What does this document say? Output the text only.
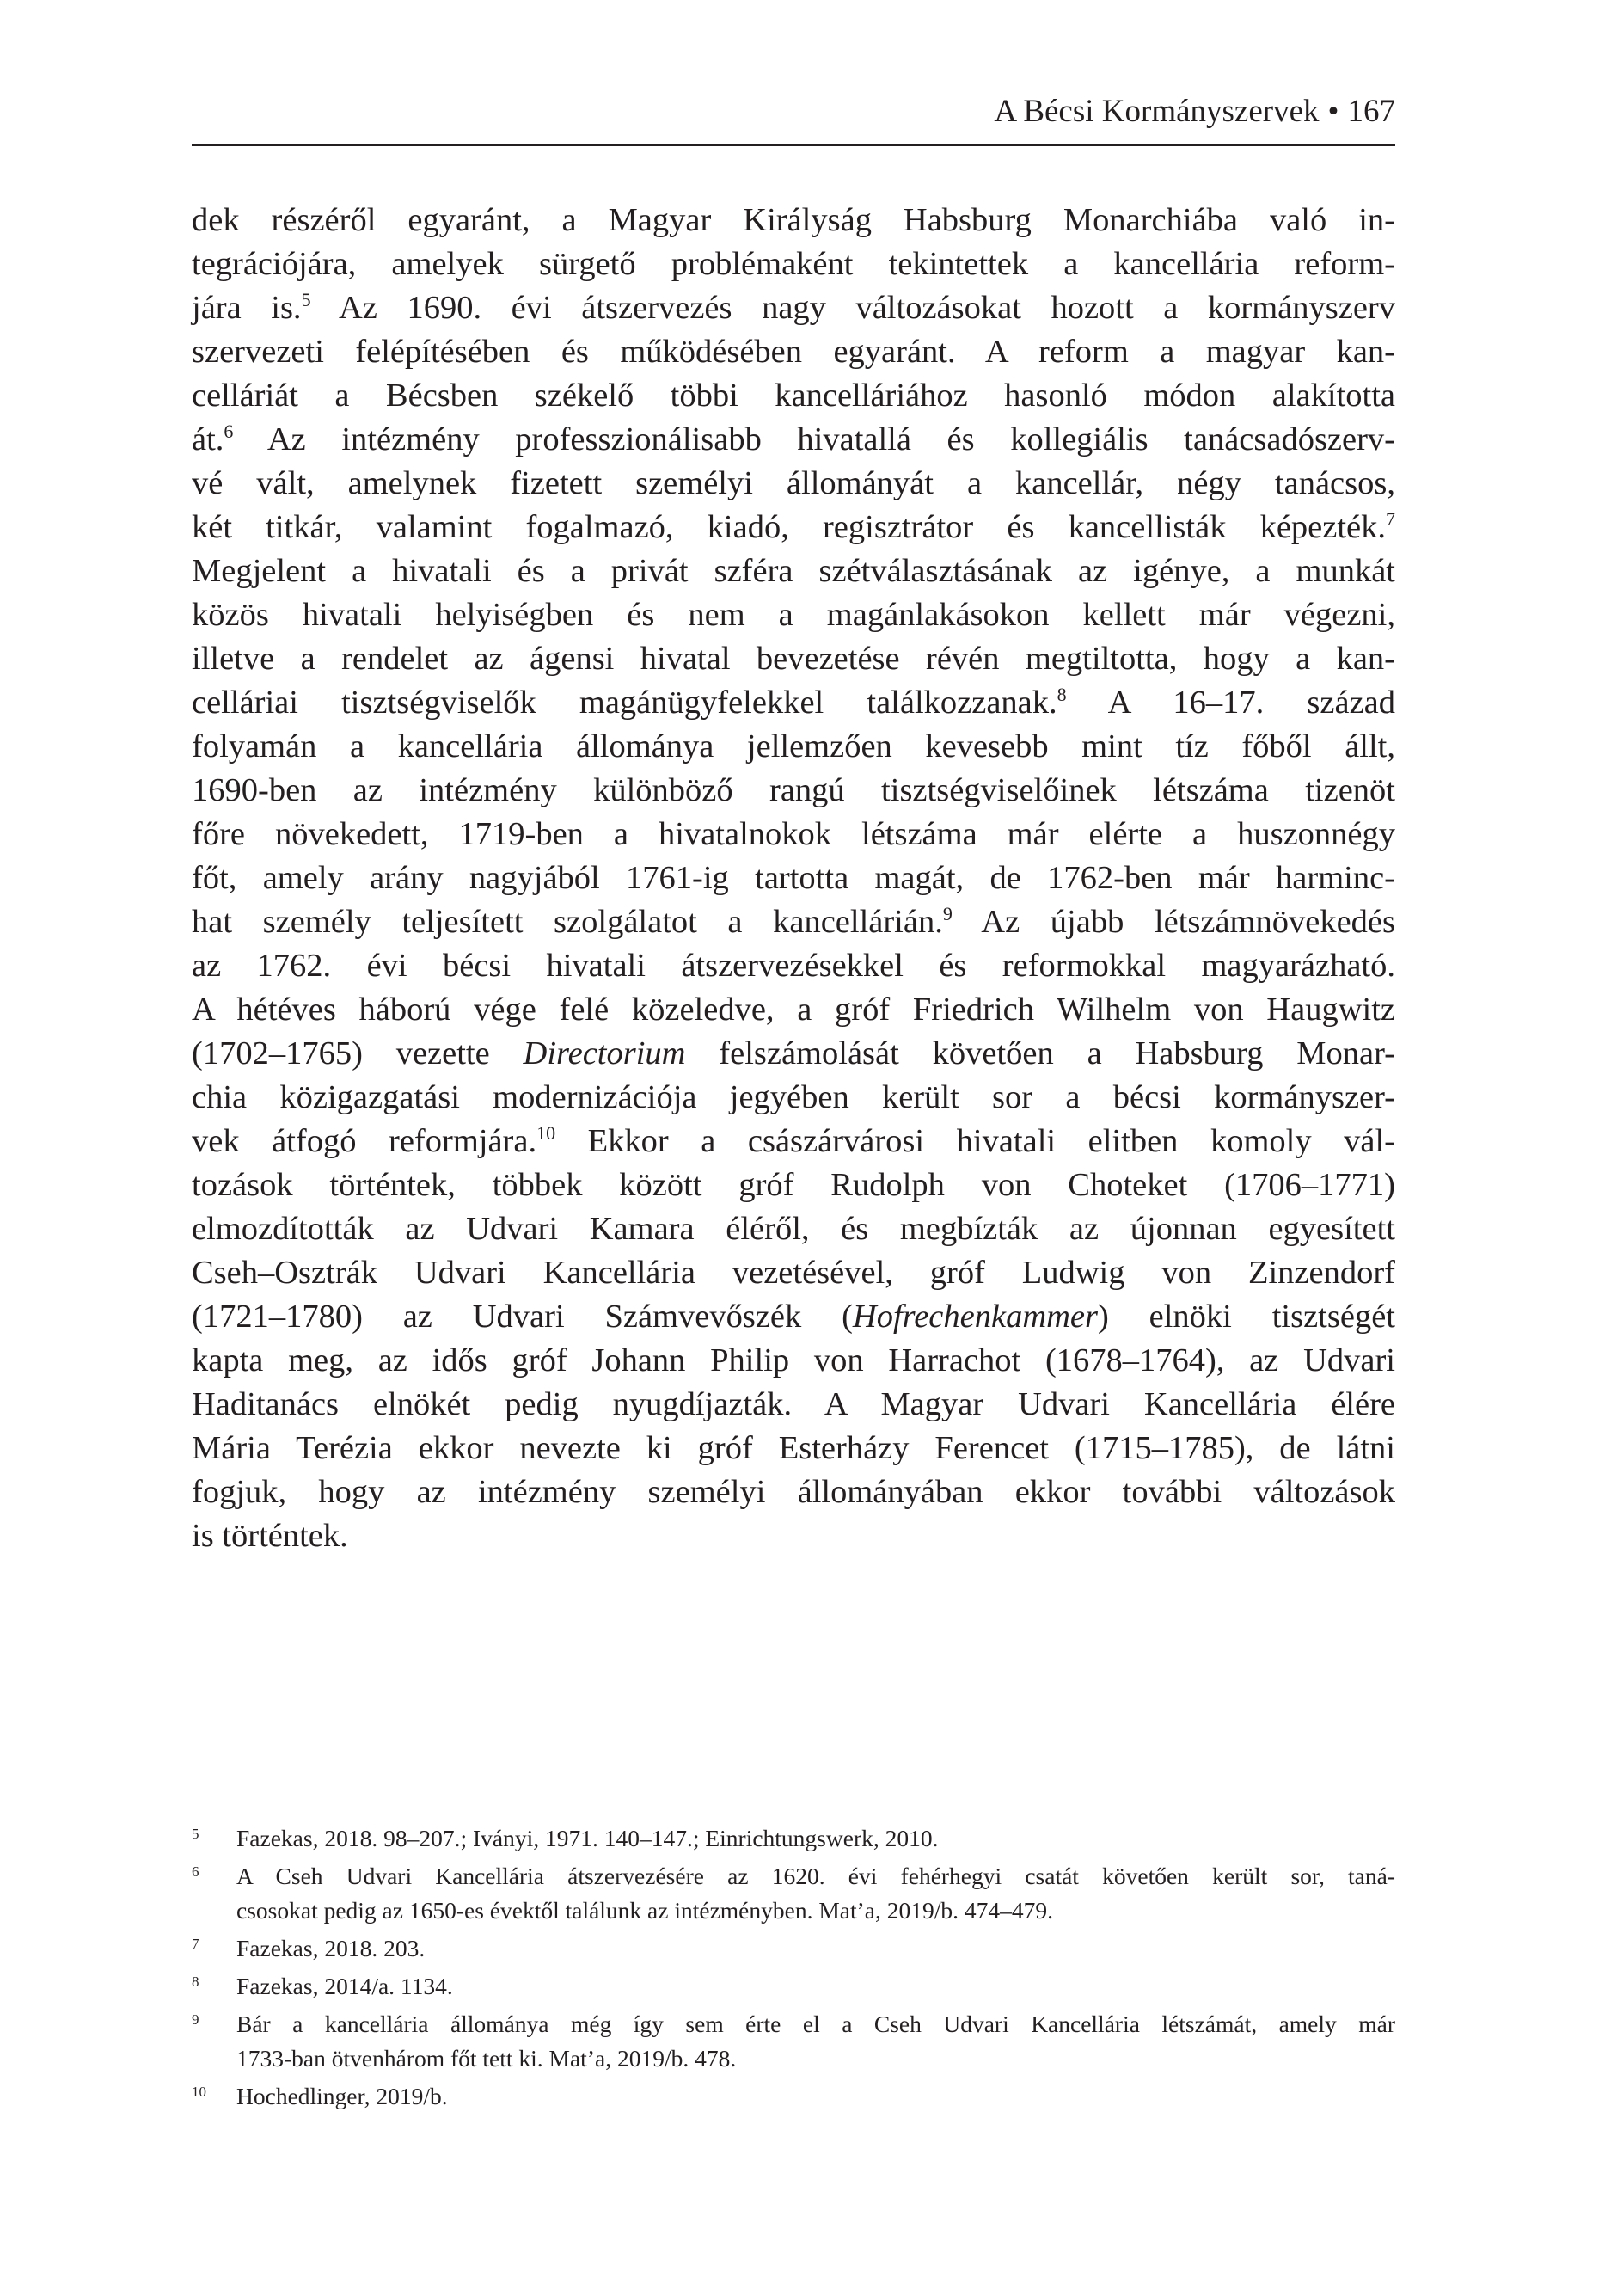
A Bécsi Kormányszervek • 167
dek részéről egyaránt, a Magyar Királyság Habsburg Monarchiába való in-
tegrációjára, amelyek sürgető problémaként tekintettek a kancellária reform-
jára is.$^5$ Az 1690. évi átszervezés nagy változásokat hozott a kormányszerv
szervezeti felépítésében és működésében egyaránt. A reform a magyar kan-
celláriát a Bécsben székelő többi kancelláriához hasonló módon alakította
át.$^6$ Az intézmény professzionálisabb hivatallá és kollegiális tanácsadószerv-
vé vált, amelynek fizetett személyi állományát a kancellár, négy tanácsos,
két titkár, valamint fogalmazó, kiadó, regisztrátor és kancellisták képezték.$^7$
Megjelent a hivatali és a privát szféra szétválasztásának az igénye, a munkát
közös hivatali helyiségben és nem a magánlakásokon kellett már végezni,
illetve a rendelet az ágensi hivatal bevezetése révén megtiltotta, hogy a kan-
celláriai tisztségviselők magánügyfelekkel találkozzanak.$^8$ A 16–17. század
folyamán a kancellária állománya jellemzően kevesebb mint tíz főből állt,
1690-ben az intézmény különböző rangú tisztségviselőinek létszáma tizenöt
főre növekedett, 1719-ben a hivatalnokok létszáma már elérte a huszonnégy
főt, amely arány nagyjából 1761-ig tartotta magát, de 1762-ben már harminc-
hat személy teljesített szolgálatot a kancellárián.$^9$ Az újabb létszámnövekedés
az 1762. évi bécsi hivatali átszervezésekkel és reformokkal magyarázható.
A hétéves háború vége felé közeledve, a gróf Friedrich Wilhelm von Haugwitz
(1702–1765) vezette Directorium felszámolását követően a Habsburg Monar-
chia közigazgatási modernizációja jegyében került sor a bécsi kormányszer-
vek átfogó reformjára.$^{10}$ Ekkor a császárvárosi hivatali elitben komoly vál-
tozások történtek, többek között gróf Rudolph von Choteket (1706–1771)
elmozdították az Udvari Kamara éléről, és megbízták az újonnan egyesített
Cseh–Osztrák Udvari Kancellária vezetésével, gróf Ludwig von Zinzendorf
(1721–1780) az Udvari Számvevőszék (Hofrechenkammer) elnöki tisztségét
kapta meg, az idős gróf Johann Philip von Harrachot (1678–1764), az Udvari
Haditanács elnökét pedig nyugdíjazták. A Magyar Udvari Kancellária élére
Mária Terézia ekkor nevezte ki gróf Esterházy Ferencet (1715–1785), de látni
fogjuk, hogy az intézmény személyi állományában ekkor további változások
is történtek.
5 Fazekas, 2018. 98–207.; Iványi, 1971. 140–147.; Einrichtungswerk, 2010.
6 A Cseh Udvari Kancellária átszervezésére az 1620. évi fehérhegyi csatát követően került sor, taná-
csosokat pedig az 1650-es évektől találunk az intézményben. Mat’a, 2019/b. 474–479.
7 Fazekas, 2018. 203.
8 Fazekas, 2014/a. 1134.
9 Bár a kancellária állománya még így sem érte el a Cseh Udvari Kancellária létszámát, amely már
1733-ban ötvenhárom főt tett ki. Mat’a, 2019/b. 478.
10 Hochedlinger, 2019/b.
